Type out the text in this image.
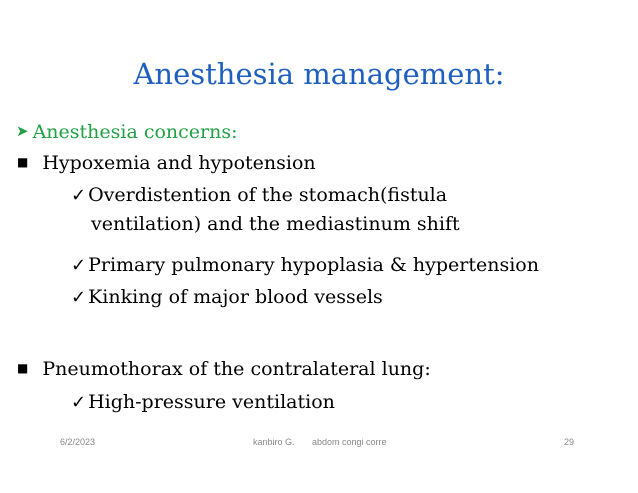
Anesthesia management:
➤ Anesthesia concerns:
■ Hypoxemia and hypotension
✓ Overdistention of the stomach(fistula
ventilation) and the mediastinum shift
✓ Primary pulmonary hypoplasia & hypertension
✓ Kinking of major blood vessels
■ Pneumothorax of the contralateral lung:
✓ High-pressure ventilation
6/2/2023	kanbiro G. abdom congi corre	29
